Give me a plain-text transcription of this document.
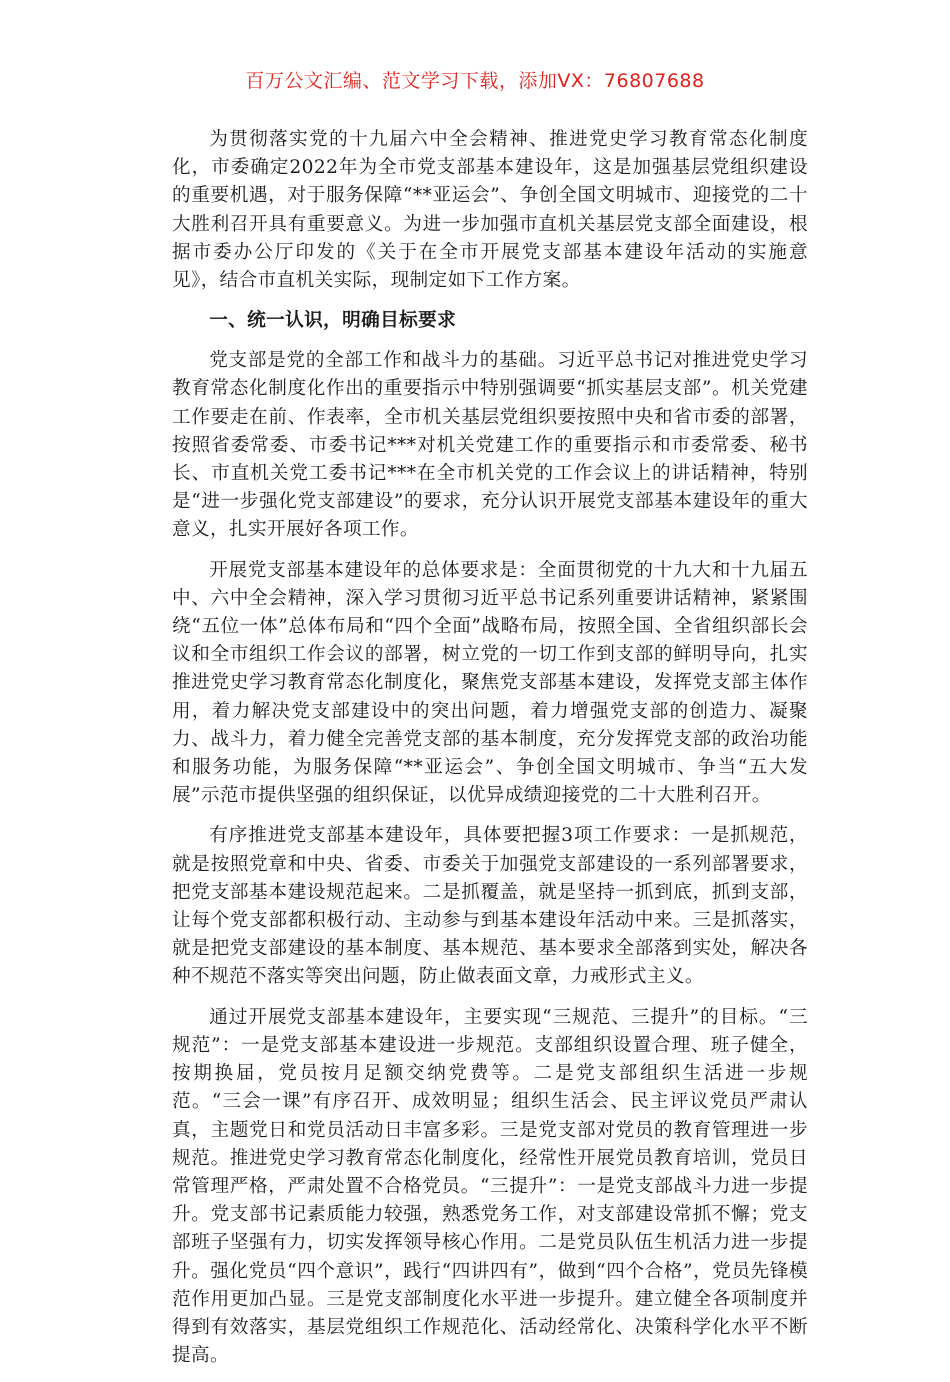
百万公文汇编、范文学习下载，添加VX：76807688

为贯彻落实党的十九届六中全会精神、推进党史学习教育常态化制度化，市委确定2022年为全市党支部基本建设年，这是加强基层党组织建设的重要机遇，对于服务保障“**亚运会”、争创全国文明城市、迎接党的二十大胜利召开具有重要意义。为进一步加强市直机关基层党支部全面建设，根据市委办公厅印发的《关于在全市开展党支部基本建设年活动的实施意见》，结合市直机关实际，现制定如下工作方案。

一、统一认识，明确目标要求

党支部是党的全部工作和战斗力的基础。习近平总书记对推进党史学习教育常态化制度化作出的重要指示中特别强调要“抓实基层支部”。机关党建工作要走在前、作表率，全市机关基层党组织要按照中央和省市委的部署，按照省委常委、市委书记***对机关党建工作的重要指示和市委常委、秘书长、市直机关党工委书记***在全市机关党的工作会议上的讲话精神，特别是“进一步强化党支部建设”的要求，充分认识开展党支部基本建设年的重大意义，扎实开展好各项工作。

开展党支部基本建设年的总体要求是：全面贯彻党的十九大和十九届五中、六中全会精神，深入学习贯彻习近平总书记系列重要讲话精神，紧紧围绕“五位一体”总体布局和“四个全面”战略布局，按照全国、全省组织部长会议和全市组织工作会议的部署，树立党的一切工作到支部的鲜明导向，扎实推进党史学习教育常态化制度化，聚焦党支部基本建设，发挥党支部主体作用，着力解决党支部建设中的突出问题，着力增强党支部的创造力、凝聚力、战斗力，着力健全完善党支部的基本制度，充分发挥党支部的政治功能和服务功能，为服务保障“**亚运会”、争创全国文明城市、争当“五大发展”示范市提供坚强的组织保证，以优异成绩迎接党的二十大胜利召开。

有序推进党支部基本建设年，具体要把握3项工作要求：一是抓规范，就是按照党章和中央、省委、市委关于加强党支部建设的一系列部署要求，把党支部基本建设规范起来。二是抓覆盖，就是坚持一抓到底，抓到支部，让每个党支部都积极行动、主动参与到基本建设年活动中来。三是抓落实，就是把党支部建设的基本制度、基本规范、基本要求全部落到实处，解决各种不规范不落实等突出问题，防止做表面文章，力戒形式主义。

通过开展党支部基本建设年，主要实现“三规范、三提升”的目标。“三规范”：一是党支部基本建设进一步规范。支部组织设置合理、班子健全，按期换届，党员按月足额交纳党费等。二是党支部组织生活进一步规范。“三会一课”有序召开、成效明显；组织生活会、民主评议党员严肃认真，主题党日和党员活动日丰富多彩。三是党支部对党员的教育管理进一步规范。推进党史学习教育常态化制度化，经常性开展党员教育培训，党员日常管理严格，严肃处置不合格党员。“三提升”：一是党支部战斗力进一步提升。党支部书记素质能力较强，熟悉党务工作，对支部建设常抓不懈；党支部班子坚强有力，切实发挥领导核心作用。二是党员队伍生机活力进一步提升。强化党员“四个意识”，践行“四讲四有”，做到“四个合格”，党员先锋模范作用更加凸显。三是党支部制度化水平进一步提升。建立健全各项制度并得到有效落实，基层党组织工作规范化、活动经常化、决策科学化水平不断提高。
